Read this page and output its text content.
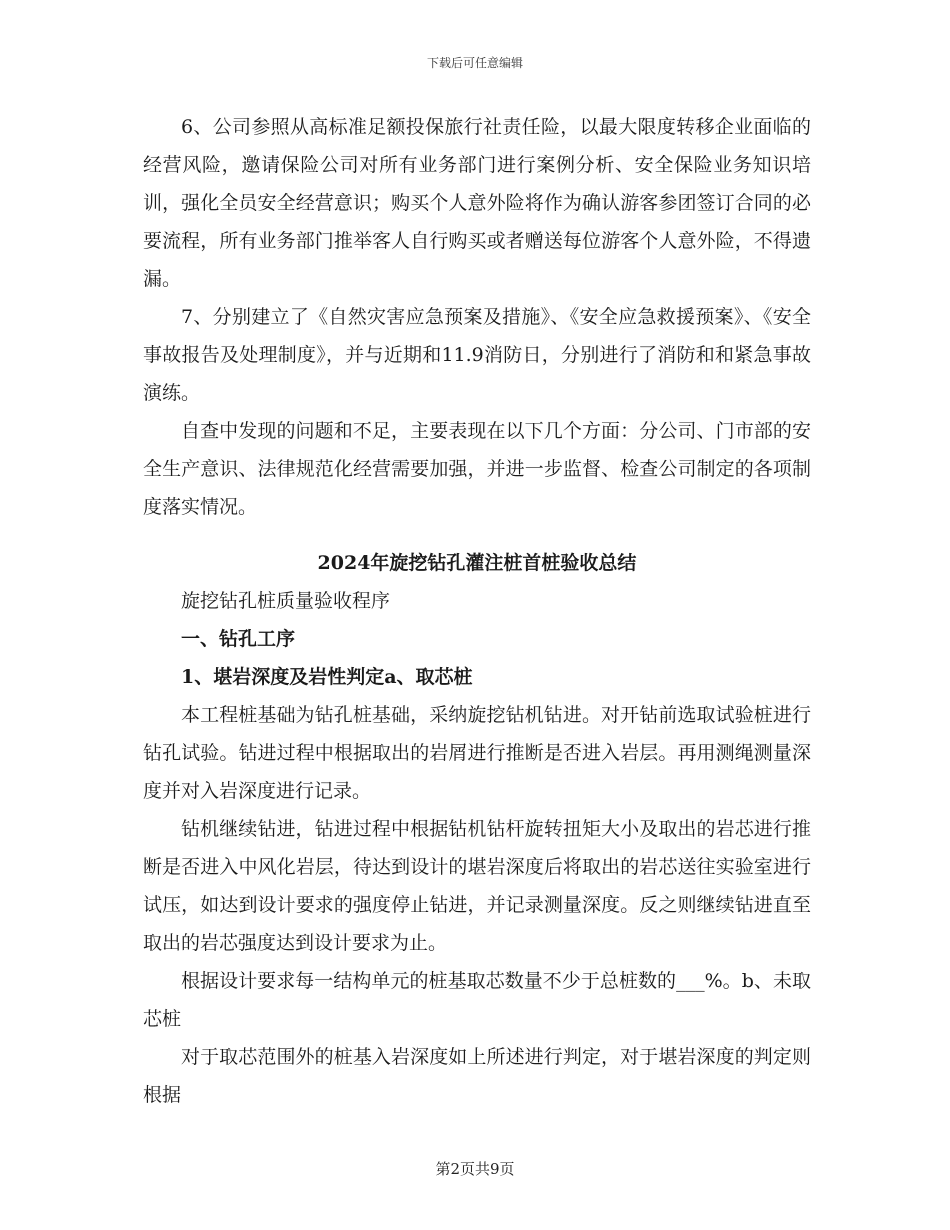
下载后可任意编辑

6、公司参照从高标准足额投保旅行社责任险，以最大限度转移企业面临的经营风险，邀请保险公司对所有业务部门进行案例分析、安全保险业务知识培训，强化全员安全经营意识；购买个人意外险将作为确认游客参团签订合同的必要流程，所有业务部门推举客人自行购买或者赠送每位游客个人意外险，不得遗漏。

7、分别建立了《自然灾害应急预案及措施》、《安全应急救援预案》、《安全事故报告及处理制度》，并与近期和11.9消防日，分别进行了消防和和紧急事故演练。

自查中发现的问题和不足，主要表现在以下几个方面：分公司、门市部的安全生产意识、法律规范化经营需要加强，并进一步监督、检查公司制定的各项制度落实情况。

2024年旋挖钻孔灌注桩首桩验收总结

旋挖钻孔桩质量验收程序

一、钻孔工序

1、堪岩深度及岩性判定a、取芯桩

本工程桩基础为钻孔桩基础，采纳旋挖钻机钻进。对开钻前选取试验桩进行钻孔试验。钻进过程中根据取出的岩屑进行推断是否进入岩层。再用测绳测量深度并对入岩深度进行记录。

钻机继续钻进，钻进过程中根据钻机钻杆旋转扭矩大小及取出的岩芯进行推断是否进入中风化岩层，待达到设计的堪岩深度后将取出的岩芯送往实验室进行试压，如达到设计要求的强度停止钻进，并记录测量深度。反之则继续钻进直至取出的岩芯强度达到设计要求为止。

根据设计要求每一结构单元的桩基取芯数量不少于总桩数的___%。b、未取芯桩

对于取芯范围外的桩基入岩深度如上所述进行判定，对于堪岩深度的判定则根据

第2页共9页
